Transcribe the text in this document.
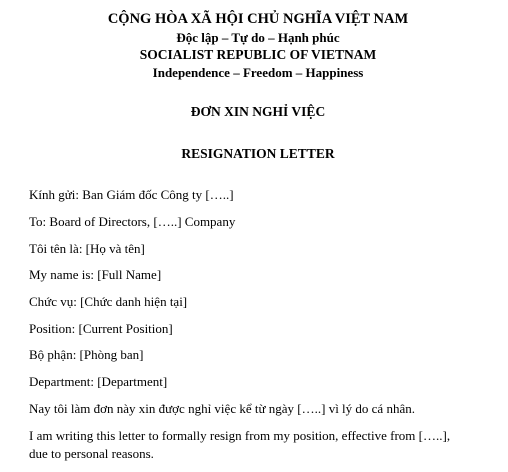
CỘNG HÒA XÃ HỘI CHỦ NGHĨA VIỆT NAM
Độc lập – Tự do – Hạnh phúc
SOCIALIST REPUBLIC OF VIETNAM
Independence – Freedom – Happiness
ĐƠN XIN NGHỈ VIỆC
RESIGNATION LETTER
Kính gửi: Ban Giám đốc Công ty […..]
To: Board of Directors, […..] Company
Tôi tên là: [Họ và tên]
My name is: [Full Name]
Chức vụ: [Chức danh hiện tại]
Position: [Current Position]
Bộ phận: [Phòng ban]
Department: [Department]
Nay tôi làm đơn này xin được nghỉ việc kể từ ngày […..] vì lý do cá nhân.
I am writing this letter to formally resign from my position, effective from […..], due to personal reasons.
